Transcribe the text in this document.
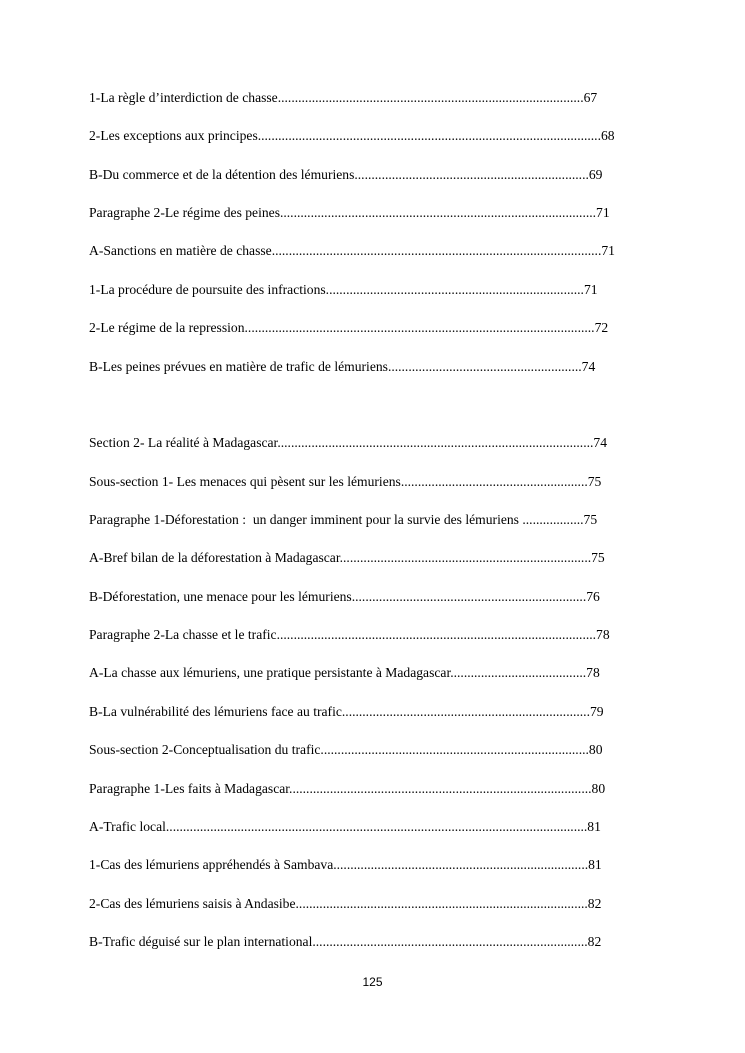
1-La règle d’interdiction de chasse..........................................................................................67
2-Les exceptions aux principes.....................................................................................................68
B-Du commerce et de la détention des lémuriens.....................................................................69
Paragraphe 2-Le régime des peines.............................................................................................71
A-Sanctions en matière de chasse.................................................................................................71
1-La procédure de poursuite des infractions............................................................................71
2-Le régime de la repression.......................................................................................................72
B-Les peines prévues en matière de trafic de lémuriens.........................................................74
Section 2- La réalité à Madagascar.............................................................................................74
Sous-section 1- Les menaces qui pèsent sur les lémuriens.......................................................75
Paragraphe 1-Déforestation :  un danger imminent pour la survie des lémuriens ..................75
A-Bref bilan de la déforestation à Madagascar..........................................................................75
B-Déforestation, une menace pour les lémuriens.....................................................................76
Paragraphe 2-La chasse et le trafic..............................................................................................78
A-La chasse aux lémuriens, une pratique persistante à Madagascar........................................78
B-La vulnérabilité des lémuriens face au trafic.........................................................................79
Sous-section 2-Conceptualisation du trafic...............................................................................80
Paragraphe 1-Les faits à Madagascar.........................................................................................80
A-Trafic local............................................................................................................................81
1-Cas des lémuriens appréhendés à Sambava...........................................................................81
2-Cas des lémuriens saisis à Andasibe......................................................................................82
B-Trafic déguisé sur le plan international.................................................................................82
125
